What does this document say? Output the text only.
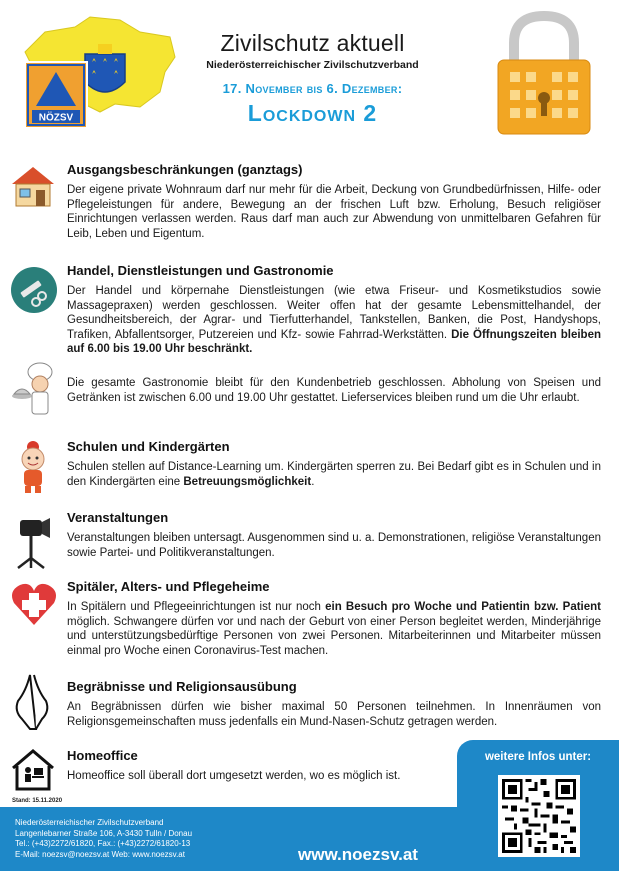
NÖZSV
Zivilschutz aktuell
Niederösterreichischer Zivilschutzverband
17. November bis 6. Dezember:
Lockdown 2
Ausgangsbeschränkungen (ganztags)
Der eigene private Wohnraum darf nur mehr für die Arbeit, Deckung von Grundbedürfnissen, Hilfe- oder Pflegeleistungen für andere, Bewegung an der frischen Luft bzw. Erholung, Besuch religiöser Einrichtungen verlassen werden. Raus darf man auch zur Abwendung von unmittelbaren Gefahren für Leib, Leben und Eigentum.
Handel, Dienstleistungen und Gastronomie
Der Handel und körpernahe Dienstleistungen (wie etwa Friseur- und Kosmetikstudios sowie Massagepraxen) werden geschlossen. Weiter offen hat der gesamte Lebensmittelhandel, der Gesundheitsbereich, der Agrar- und Tierfutterhandel, Tankstellen, Banken, die Post, Handyshops, Trafiken, Abfallentsorger, Putzereien und Kfz- sowie Fahrrad-Werkstätten. Die Öffnungszeiten bleiben auf 6.00 bis 19.00 Uhr beschränkt.
Die gesamte Gastronomie bleibt für den Kundenbetrieb geschlossen. Abholung von Speisen und Getränken ist zwischen 6.00 und 19.00 Uhr gestattet. Lieferservices bleiben rund um die Uhr erlaubt.
Schulen und Kindergärten
Schulen stellen auf Distance-Learning um. Kindergärten sperren zu. Bei Bedarf gibt es in Schulen und in den Kindergärten eine Betreuungsmöglichkeit.
Veranstaltungen
Veranstaltungen bleiben untersagt. Ausgenommen sind u. a. Demonstrationen, religiöse Veranstaltungen sowie Partei- und Politikveranstaltungen.
Spitäler, Alters- und Pflegeheime
In Spitälern und Pflegeeinrichtungen ist nur noch ein Besuch pro Woche und Patientin bzw. Patient möglich. Schwangere dürfen vor und nach der Geburt von einer Person begleitet werden, Minderjährige und unterstützungsbedürftige Personen von zwei Personen. Mitarbeiterinnen und Mitarbeiter müssen einmal pro Woche einen Coronavirus-Test machen.
Begräbnisse und Religionsausübung
An Begräbnissen dürfen wie bisher maximal 50 Personen teilnehmen. In Innenräumen von Religionsgemeinschaften muss jedenfalls ein Mund-Nasen-Schutz getragen werden.
Homeoffice
Homeoffice soll überall dort umgesetzt werden, wo es möglich ist.
Stand: 15.11.2020
Niederösterreichischer Zivilschutzverband
Langenlebarner Straße 106, A-3430 Tulln / Donau
Tel.: (+43)2272/61820, Fax.: (+43)2272/61820-13
E-Mail: noezsv@noezsv.at Web: www.noezsv.at	www.noezsv.at
weitere Infos unter:
